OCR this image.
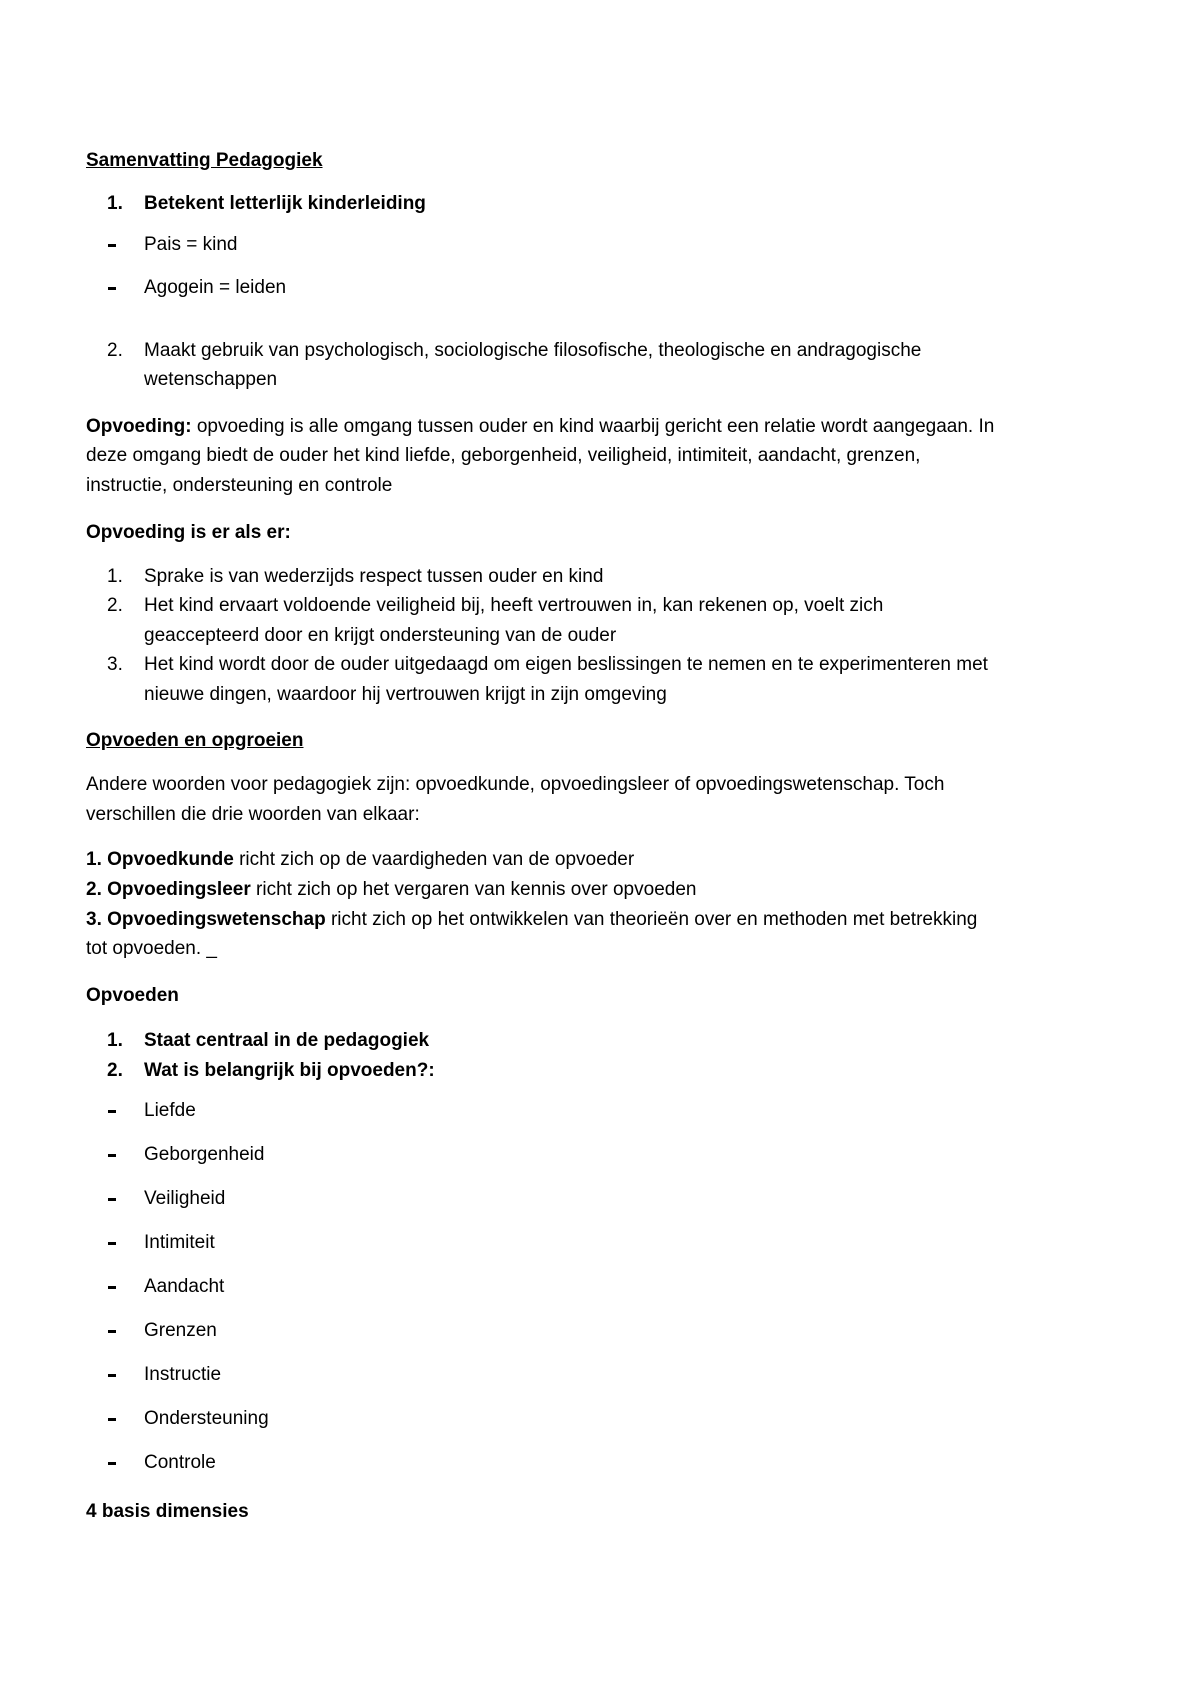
Samenvatting Pedagogiek
1. Betekent letterlijk kinderleiding
Pais = kind
Agogein = leiden
2. Maakt gebruik van psychologisch, sociologische filosofische, theologische en andragogische
wetenschappen
Opvoeding: opvoeding is alle omgang tussen ouder en kind waarbij gericht een relatie wordt aangegaan. In
deze omgang biedt de ouder het kind liefde, geborgenheid, veiligheid, intimiteit, aandacht, grenzen,
instructie, ondersteuning en controle
Opvoeding is er als er:
1. Sprake is van wederzijds respect tussen ouder en kind
2. Het kind ervaart voldoende veiligheid bij, heeft vertrouwen in, kan rekenen op, voelt zich
geaccepteerd door en krijgt ondersteuning van de ouder
3. Het kind wordt door de ouder uitgedaagd om eigen beslissingen te nemen en te experimenteren met
nieuwe dingen, waardoor hij vertrouwen krijgt in zijn omgeving
Opvoeden en opgroeien
Andere woorden voor pedagogiek zijn: opvoedkunde, opvoedingsleer of opvoedingswetenschap. Toch
verschillen die drie woorden van elkaar:
1. Opvoedkunde richt zich op de vaardigheden van de opvoeder
2. Opvoedingsleer richt zich op het vergaren van kennis over opvoeden
3. Opvoedingswetenschap richt zich op het ontwikkelen van theorieën over en methoden met betrekking
tot opvoeden. _
Opvoeden
1. Staat centraal in de pedagogiek
2. Wat is belangrijk bij opvoeden?:
Liefde
Geborgenheid
Veiligheid
Intimiteit
Aandacht
Grenzen
Instructie
Ondersteuning
Controle
4 basis dimensies
